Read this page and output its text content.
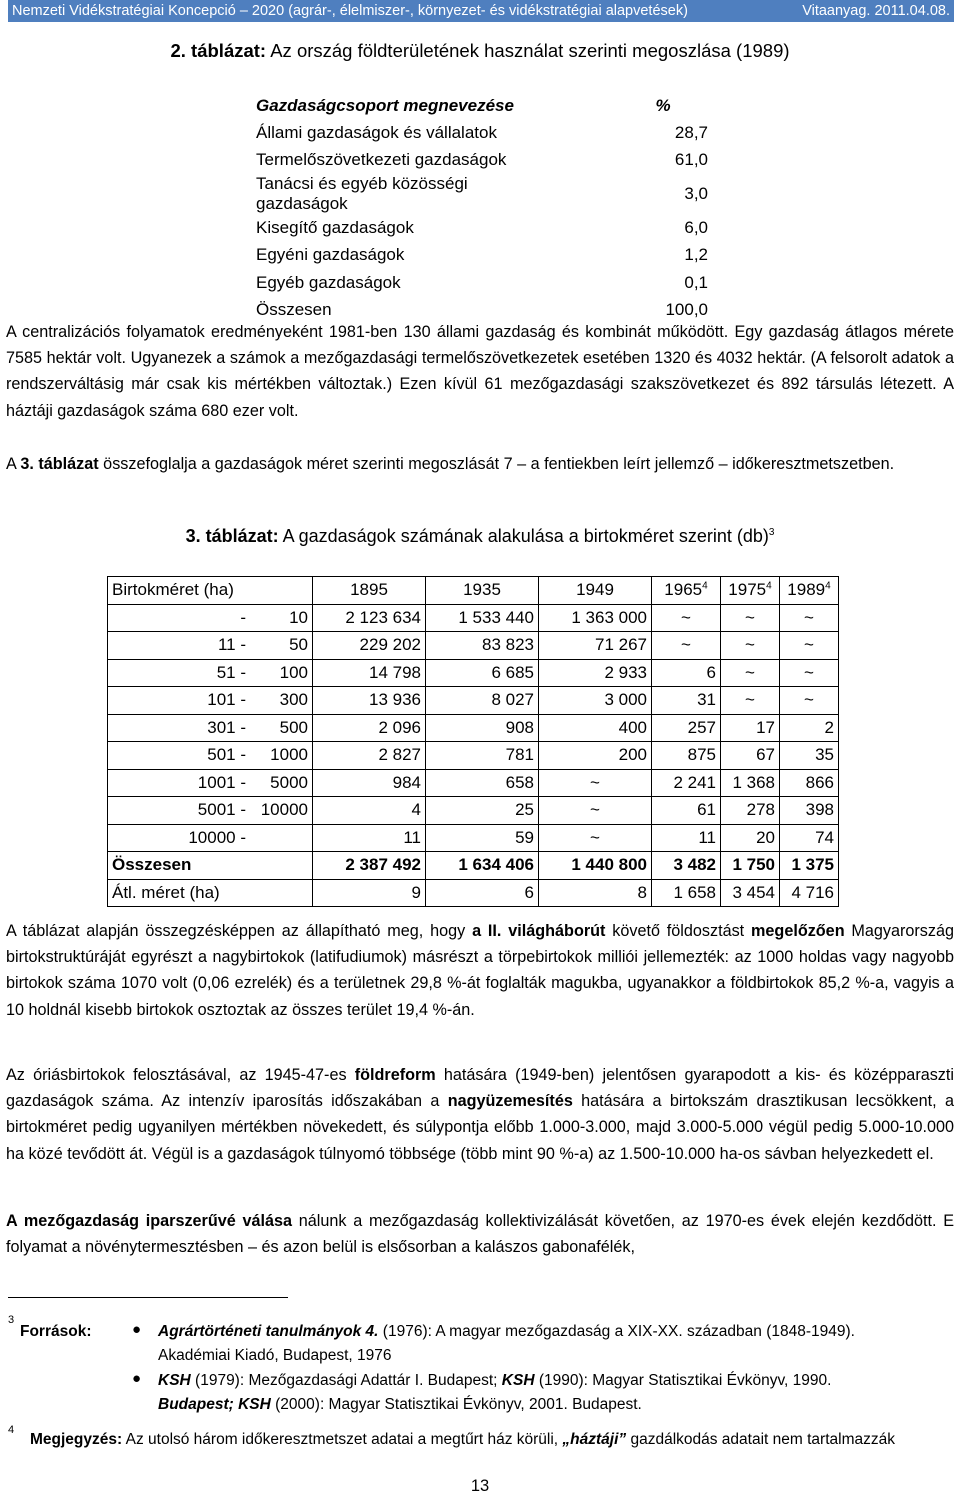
Nemzeti Vidékstratégiai Koncepció – 2020 (agrár-, élelmiszer-, környezet- és vidékstratégiai alapvetések)	Vitaanyag. 2011.04.08.
2. táblázat: Az ország földterületének használat szerinti megoszlása (1989)
Gazdaságcsoport megnevezése	%
Állami gazdaságok és vállalatok	28,7
Termelőszövetkezeti gazdaságok	61,0
Tanácsi és egyéb közösségi gazdaságok	3,0
Kisegítő gazdaságok	6,0
Egyéni gazdaságok	1,2
Egyéb gazdaságok	0,1
Összesen	100,0

A centralizációs folyamatok eredményeként 1981-ben 130 állami gazdaság és kombinát működött. Egy gazdaság átlagos mérete 7585 hektár volt. Ugyanezek a számok a mezőgazdasági termelőszövetkezetek esetében 1320 és 4032 hektár. (A felsorolt adatok a rendszerváltásig már csak kis mértékben változtak.) Ezen kívül 61 mezőgazdasági szakszövetkezet és 892 társulás létezett. A háztáji gazdaságok száma 680 ezer volt.

A 3. táblázat összefoglalja a gazdaságok méret szerinti megoszlását 7 – a fentiekben leírt jellemző – időkeresztmetszetben.

3. táblázat: A gazdaságok számának alakulása a birtokméret szerint (db)$^3$
Birtokméret (ha)	1895	1935	1949	1965$^4$	1975$^4$	1989$^4$
- 10	2 123 634	1 533 440	1 363 000	~	~	~
11 - 50	229 202	83 823	71 267	~	~	~
51 - 100	14 798	6 685	2 933	6	~	~
101 - 300	13 936	8 027	3 000	31	~	~
301 - 500	2 096	908	400	257	17	2
501 - 1000	2 827	781	200	875	67	35
1001 - 5000	984	658	~	2 241	1 368	866
5001 - 10000	4	25	~	61	278	398
10000 -	11	59	~	11	20	74
Összesen	2 387 492	1 634 406	1 440 800	3 482	1 750	1 375
Átl. méret (ha)	9	6	8	1 658	3 454	4 716

A táblázat alapján összegzésképpen az állapítható meg, hogy a II. világháborút követő földosztást megelőzően Magyarország birtokstruktúráját egyrészt a nagybirtokok (latifudiumok) másrészt a törpebirtokok milliói jellemezték: az 1000 holdas vagy nagyobb birtokok száma 1070 volt (0,06 ezrelék) és a területnek 29,8 %-át foglalták magukba, ugyanakkor a földbirtokok 85,2 %-a, vagyis a 10 holdnál kisebb birtokok osztoztak az összes terület 19,4 %-án.

Az óriásbirtokok felosztásával, az 1945-47-es földreform hatására (1949-ben) jelentősen gyarapodott a kis- és középparaszti gazdaságok száma. Az intenzív iparosítás időszakában a nagyüzemesítés hatására a birtokszám drasztikusan lecsökkent, a birtokméret pedig ugyanilyen mértékben növekedett, és súlypontja előbb 1.000-3.000, majd 3.000-5.000 végül pedig 5.000-10.000 ha közé tevődött át. Végül is a gazdaságok túlnyomó többsége (több mint 90 %-a) az 1.500-10.000 ha-os sávban helyezkedett el.

A mezőgazdaság iparszerűvé válása nálunk a mezőgazdaság kollektivizálását követően, az 1970-es évek elején kezdődött. E folyamat a növénytermesztésben – és azon belül is elsősorban a kalászos gabonafélék,

3
Források:	● Agrártörténeti tanulmányok 4. (1976): A magyar mezőgazdaság a XIX-XX. században (1848-1949).
Akadémiai Kiadó, Budapest, 1976
● KSH (1979): Mezőgazdasági Adattár I. Budapest; KSH (1990): Magyar Statisztikai Évkönyv, 1990.
Budapest; KSH (2000): Magyar Statisztikai Évkönyv, 2001. Budapest.
4
Megjegyzés: Az utolsó három időkeresztmetszet adatai a megtűrt ház körüli, „háztáji” gazdálkodás adatait nem tartalmazzák
13
